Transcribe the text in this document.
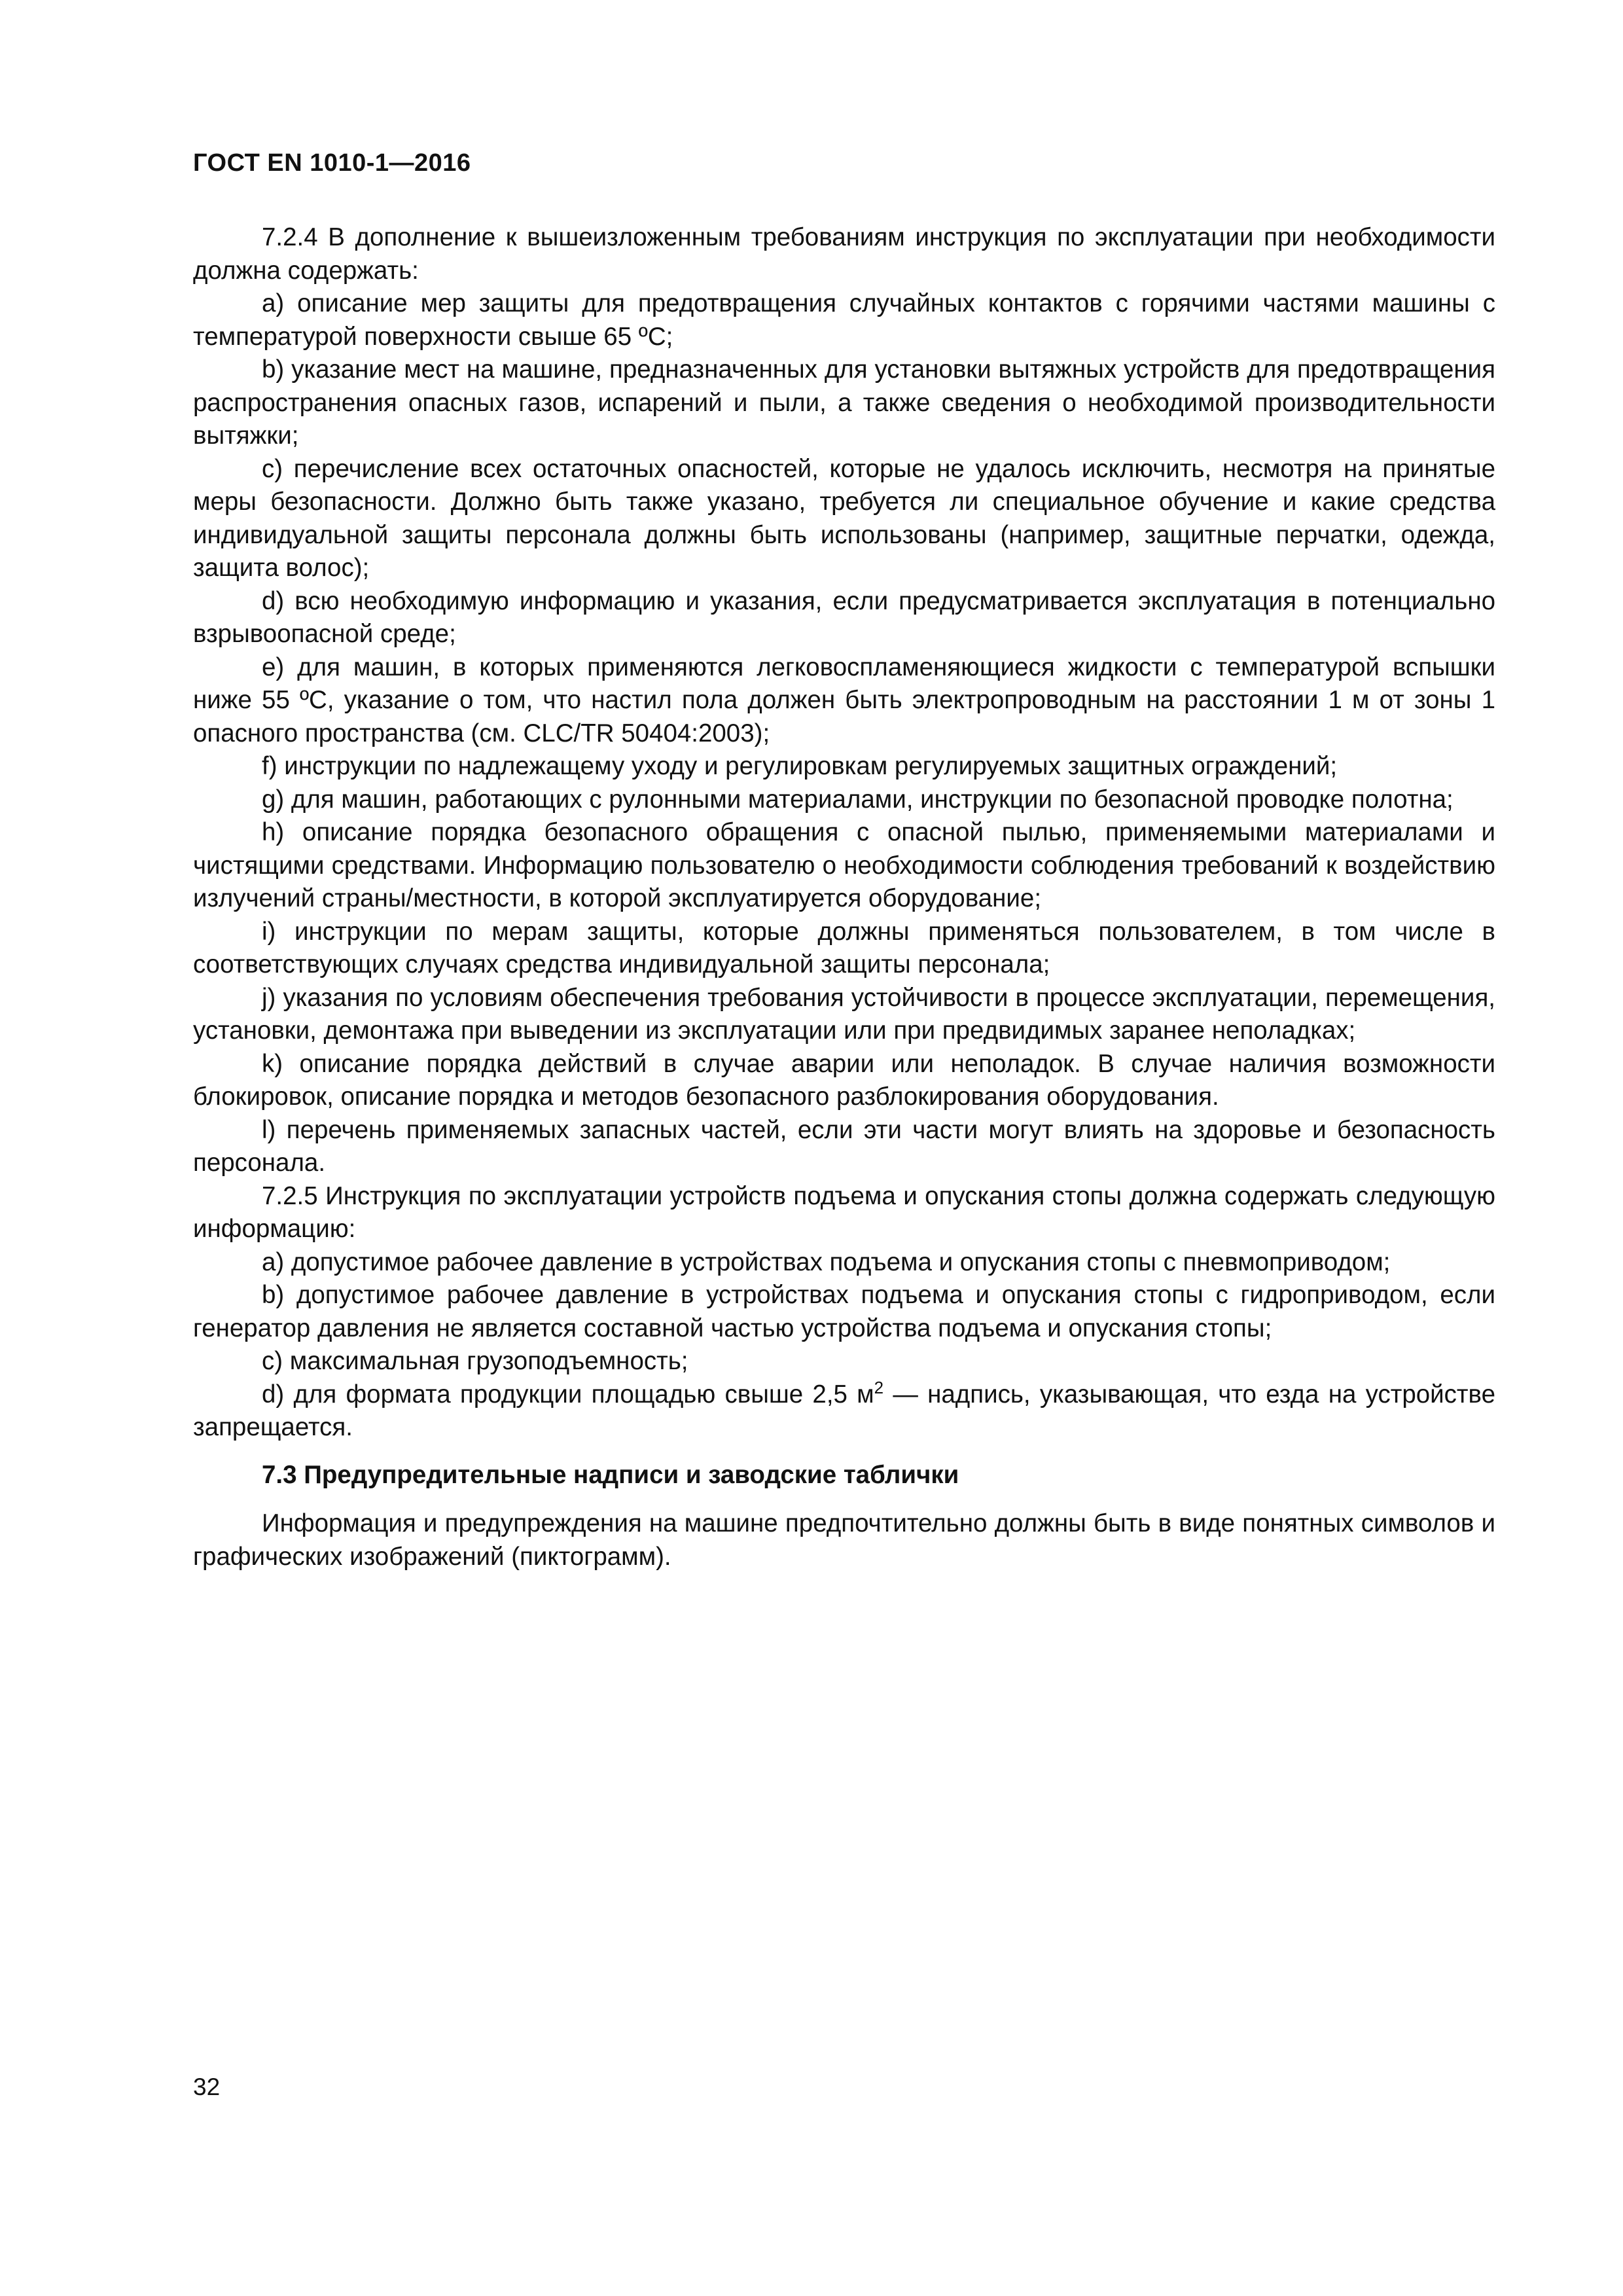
ГОСТ EN 1010-1—2016

7.2.4 В дополнение к вышеизложенным требованиям инструкция по эксплуатации при необходимости должна содержать:

a) описание мер защиты для предотвращения случайных контактов с горячими частями машины с температурой поверхности свыше 65 ºC;

b) указание мест на машине, предназначенных для установки вытяжных устройств для предотвращения распространения опасных газов, испарений и пыли, а также сведения о необходимой производительности вытяжки;

c) перечисление всех остаточных опасностей, которые не удалось исключить, несмотря на принятые меры безопасности. Должно быть также указано, требуется ли специальное обучение и какие средства индивидуальной защиты персонала должны быть использованы (например, защитные перчатки, одежда, защита волос);

d) всю необходимую информацию и указания, если предусматривается эксплуатация в потенциально взрывоопасной среде;

e) для машин, в которых применяются легковоспламеняющиеся жидкости с температурой вспышки ниже 55 ºC, указание о том, что настил пола должен быть электропроводным на расстоянии 1 м от зоны 1 опасного пространства (см. CLC/TR 50404:2003);

f) инструкции по надлежащему уходу и регулировкам регулируемых защитных ограждений;

g) для машин, работающих с рулонными материалами, инструкции по безопасной проводке полотна;

h) описание порядка безопасного обращения с опасной пылью, применяемыми материалами и чистящими средствами. Информацию пользователю о необходимости соблюдения требований к воздействию излучений страны/местности, в которой эксплуатируется оборудование;

i) инструкции по мерам защиты, которые должны применяться пользователем, в том числе в соответствующих случаях средства индивидуальной защиты персонала;

j) указания по условиям обеспечения требования устойчивости в процессе эксплуатации, перемещения, установки, демонтажа при выведении из эксплуатации или при предвидимых заранее неполадках;

k) описание порядка действий в случае аварии или неполадок. В случае наличия возможности блокировок, описание порядка и методов безопасного разблокирования оборудования.

l) перечень применяемых запасных частей, если эти части могут влиять на здоровье и безопасность персонала.

7.2.5 Инструкция по эксплуатации устройств подъема и опускания стопы должна содержать следующую информацию:

a) допустимое рабочее давление в устройствах подъема и опускания стопы с пневмоприводом;

b) допустимое рабочее давление в устройствах подъема и опускания стопы с гидроприводом, если генератор давления не является составной частью устройства подъема и опускания стопы;

c) максимальная грузоподъемность;

d) для формата продукции площадью свыше 2,5 $м^2$ — надпись, указывающая, что езда на устройстве запрещается.

7.3 Предупредительные надписи и заводские таблички

Информация и предупреждения на машине предпочтительно должны быть в виде понятных символов и графических изображений (пиктограмм).

32
